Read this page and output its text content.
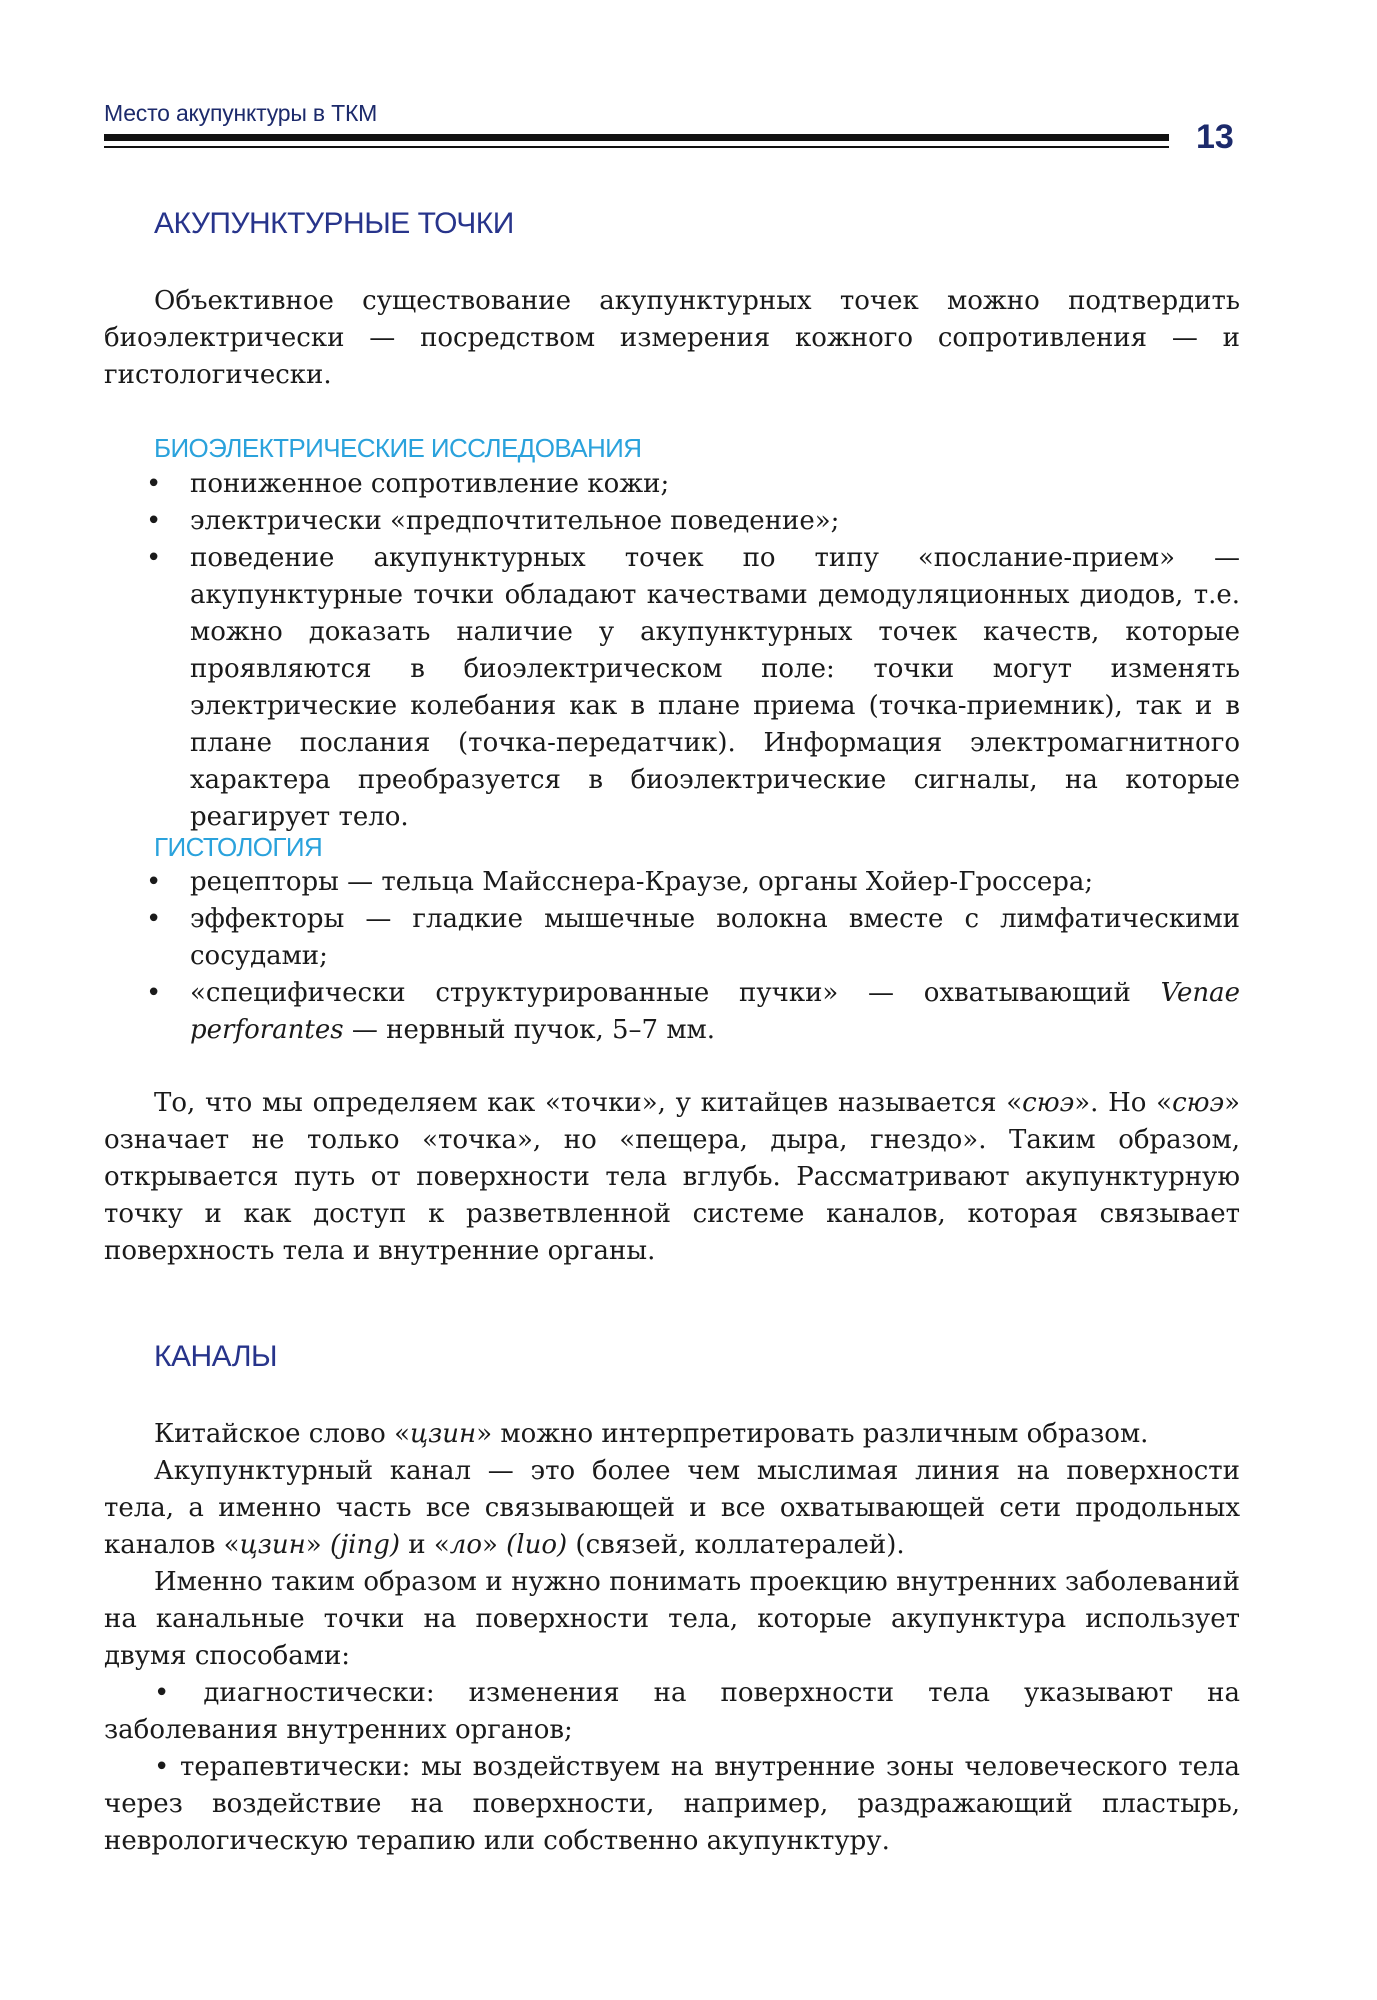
Место акупунктуры в ТКМ
13
АКУПУНКТУРНЫЕ ТОЧКИ

Объективное существование акупунктурных точек можно подтвердить биоэлектрически — посредством измерения кожного сопротивления — и гистологически.

БИОЭЛЕКТРИЧЕСКИЕ ИССЛЕДОВАНИЯ
• пониженное сопротивление кожи;
• электрически «предпочтительное поведение»;
• поведение акупунктурных точек по типу «послание-прием» — акупунктурные точки обладают качествами демодуляционных диодов, т.е. можно доказать наличие у акупунктурных точек качеств, которые проявляются в биоэлектрическом поле: точки могут изменять электрические колебания как в плане приема (точка-приемник), так и в плане послания (точка-передатчик). Информация электромагнитного характера преобразуется в биоэлектрические сигналы, на которые реагирует тело.
ГИСТОЛОГИЯ
• рецепторы — тельца Майсснера-Краузе, органы Хойер-Гроссера;
• эффекторы — гладкие мышечные волокна вместе с лимфатическими сосудами;
• «специфически структурированные пучки» — охватывающий Venae perforantes — нервный пучок, 5–7 мм.

То, что мы определяем как «точки», у китайцев называется «сюэ». Но «сюэ» означает не только «точка», но «пещера, дыра, гнездо». Таким образом, открывается путь от поверхности тела вглубь. Рассматривают акупунктурную точку и как доступ к разветвленной системе каналов, которая связывает поверхность тела и внутренние органы.

КАНАЛЫ

Китайское слово «цзин» можно интерпретировать различным образом.

Акупунктурный канал — это более чем мыслимая линия на поверхности тела, а именно часть все связывающей и все охватывающей сети продольных каналов «цзин» (jing) и «ло» (luo) (связей, коллатералей).

Именно таким образом и нужно понимать проекцию внутренних заболеваний на канальные точки на поверхности тела, которые акупунктура использует двумя способами:

• диагностически: изменения на поверхности тела указывают на заболевания внутренних органов;

• терапевтически: мы воздействуем на внутренние зоны человеческого тела через воздействие на поверхности, например, раздражающий пластырь, неврологическую терапию или собственно акупунктуру.
